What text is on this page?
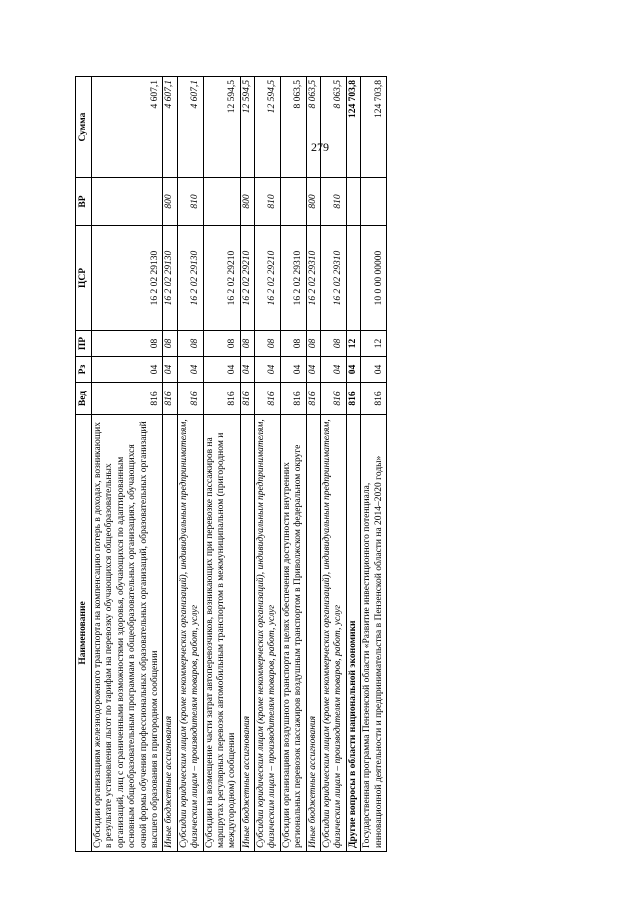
279
Наименование	Вед	Рз	ПР	ЦСР	ВР	Сумма
Субсидии организациям железнодорожного транспорта на компенсацию потерь в доходах, возникающих в результате установления льгот по тарифам на перевозку обучающихся общеобразовательных организаций, лиц с ограниченными возможностями здоровья, обучающихся по адаптированным основным общеобразовательным программам в общеобразовательных организациях, обучающихся очной формы обучения профессиональных образовательных организаций, образовательных организаций высшего образования в пригородном сообщении	816	04	08	16 2 02 29130		4 607,1
Иные бюджетные ассигнования	816	04	08	16 2 02 29130	800	4 607,1
Субсидии юридическим лицам (кроме некоммерческих организаций), индивидуальным предпринимателям, физическим лицам – производителям товаров, работ, услуг	816	04	08	16 2 02 29130	810	4 607,1
Субсидии на возмещение части затрат автоперевозчиков, возникающих при перевозке пассажиров на маршрутах регулярных перевозок автомобильным транспортом в межмуниципальном (пригородном и междугородном) сообщении	816	04	08	16 2 02 29210		12 594,5
Иные бюджетные ассигнования	816	04	08	16 2 02 29210	800	12 594,5
Субсидии юридическим лицам (кроме некоммерческих организаций), индивидуальным предпринимателям, физическим лицам – производителям товаров, работ, услуг	816	04	08	16 2 02 29210	810	12 594,5
Субсидии организациям воздушного транспорта в целях обеспечения доступности внутренних региональных перевозок пассажиров воздушным транспортом в Приволжском федеральном округе	816	04	08	16 2 02 29310		8 063,5
Иные бюджетные ассигнования	816	04	08	16 2 02 29310	800	8 063,5
Субсидии юридическим лицам (кроме некоммерческих организаций), индивидуальным предпринимателям, физическим лицам – производителям товаров, работ, услуг	816	04	08	16 2 02 29310	810	8 063,5
Другие вопросы в области национальной экономики	816	04	12			124 703,8
Государственная программа Пензенской области «Развитие инвестиционного потенциала, инновационной деятельности и предпринимательства в Пензенской области на 2014–2020 годы»	816	04	12	10 0 00 00000		124 703,8
